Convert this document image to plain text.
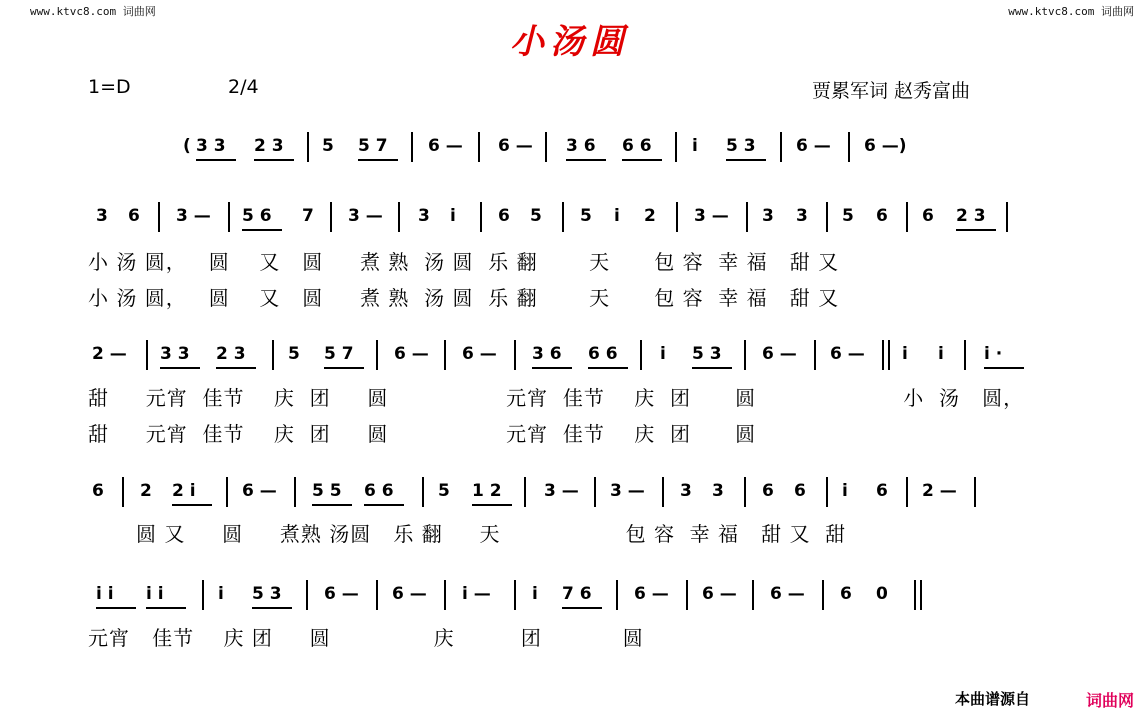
www.ktvc8.com 词曲网	www.ktvc8.com 词曲网
小汤圆
1=D	2/4	贾累军词 赵秀富曲
( 3 3 2 3 5 5 7 6 — 6 — 3 6 6 6 i 5 3 6 — 6 —)
3 6 3 — 5 6 7 3 — 3 i 6 5 5 i 2 3 — 3 3 5 6 6 2 3
2 — 3 3 2 3 5 5 7 6 — 6 — 3 6 6 6 i 5 3 6 — 6 — i i i ·
6 2 2 i	6 — 5 5 6 6	5 1 2 3 — 3 — 3 3 6 6 i 6 2 —
i i i i	i 5 3 6 — 6 — i — i 7 6 6 — 6 — 6 — 6 0
小 汤 圆，   圆    又   圆     煮 熟  汤 圆  乐 翻       天      包 容  幸 福   甜 又
小 汤 圆，   圆    又   圆     煮 熟  汤 圆  乐 翻       天      包 容  幸 福   甜 又
甜     元宵  佳节    庆  团     圆                元宵  佳节    庆  团      圆                    小  汤   圆，
甜     元宵  佳节    庆  团     圆                元宵  佳节    庆  团      圆
圆 又     圆     煮熟 汤圆   乐 翻     天                 包 容  幸 福   甜 又  甜
元宵   佳节    庆 团     圆              庆         团           圆
本曲谱源自	词曲网
